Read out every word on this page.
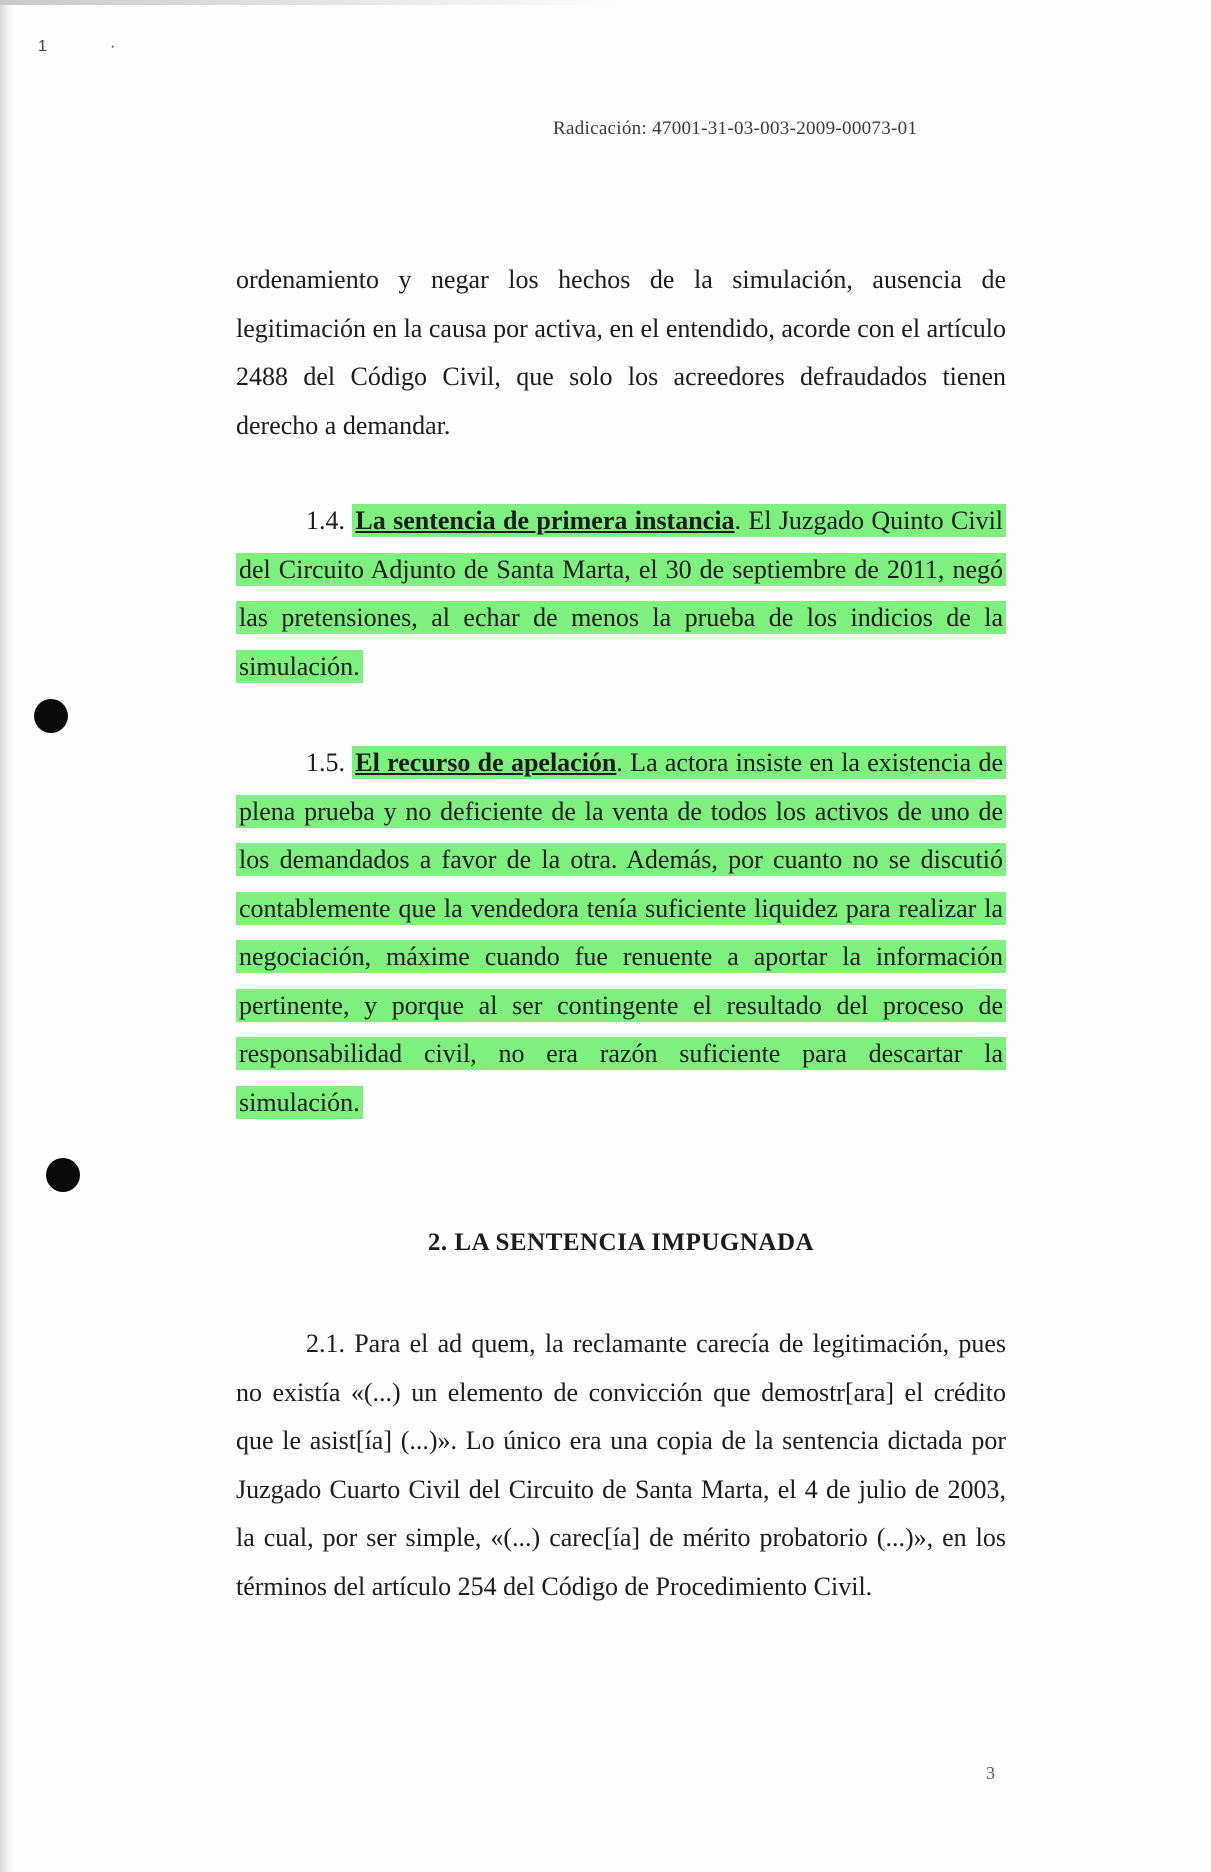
1	·
Radicación: 47001-31-03-003-2009-00073-01

ordenamiento y negar los hechos de la simulación, ausencia de legitimación en la causa por activa, en el entendido, acorde con el artículo 2488 del Código Civil, que solo los acreedores defraudados tienen derecho a demandar.

1.4. La sentencia de primera instancia. El Juzgado Quinto Civil del Circuito Adjunto de Santa Marta, el 30 de septiembre de 2011, negó las pretensiones, al echar de menos la prueba de los indicios de la simulación.

1.5. El recurso de apelación. La actora insiste en la existencia de plena prueba y no deficiente de la venta de todos los activos de uno de los demandados a favor de la otra. Además, por cuanto no se discutió contablemente que la vendedora tenía suficiente liquidez para realizar la negociación, máxime cuando fue renuente a aportar la información pertinente, y porque al ser contingente el resultado del proceso de responsabilidad civil, no era razón suficiente para descartar la simulación.

2. LA SENTENCIA IMPUGNADA

2.1. Para el ad quem, la reclamante carecía de legitimación, pues no existía «(...) un elemento de convicción que demostr[ara] el crédito que le asist[ía] (...)». Lo único era una copia de la sentencia dictada por Juzgado Cuarto Civil del Circuito de Santa Marta, el 4 de julio de 2003, la cual, por ser simple, «(...) carec[ía] de mérito probatorio (...)», en los términos del artículo 254 del Código de Procedimiento Civil.

3
